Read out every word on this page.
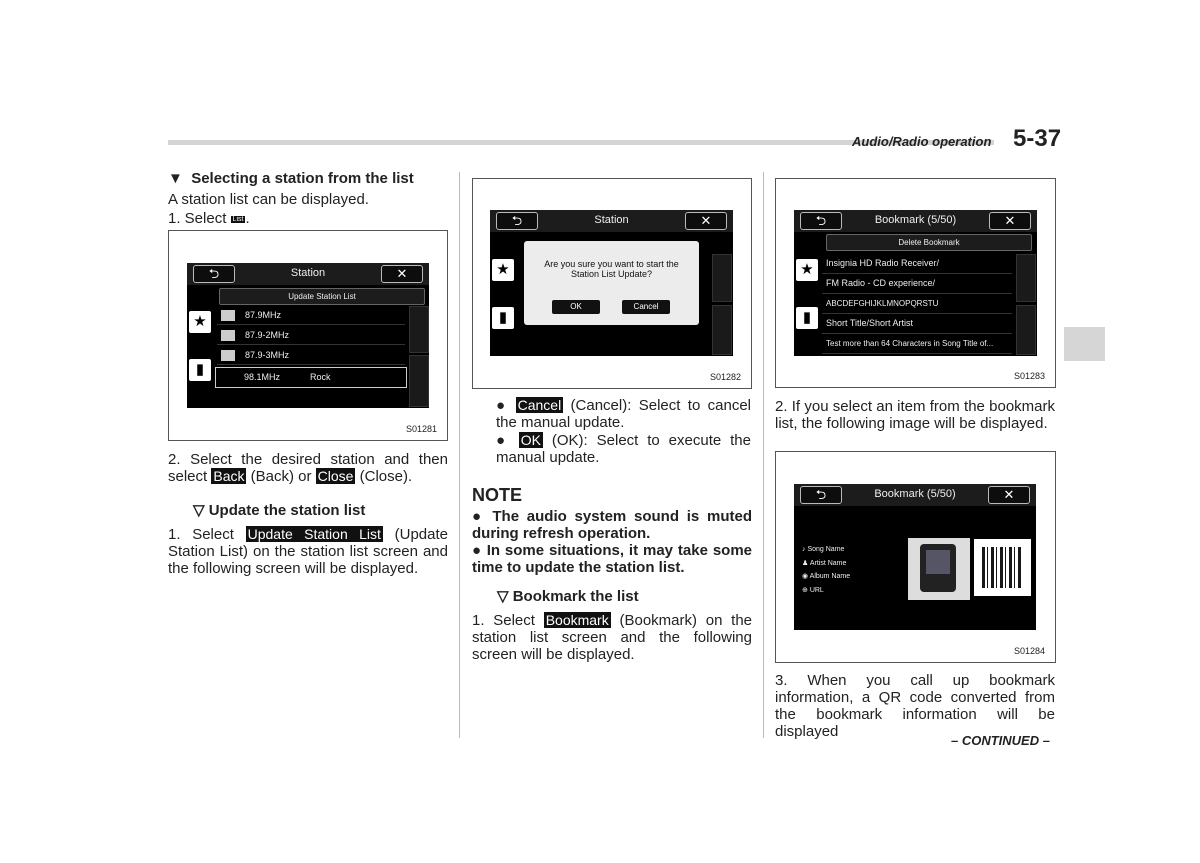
Audio/Radio operation 5-37
▼ Selecting a station from the list
A station list can be displayed.
1. Select List .
⮌	Station	✕
Update Station List
★
▮
87.9MHz
87.9-2MHz
87.9-3MHz
98.1MHz	Rock
S01281
2. Select the desired station and then select Back (Back) or Close (Close).
▽ Update the station list
1. Select Update Station List (Update Station List) on the station list screen and the following screen will be displayed.
⮌	Station	✕
★
▮
Are you sure you want to start the Station List Update?
OK	Cancel
S01282
● Cancel (Cancel): Select to cancel the manual update.
● OK (OK): Select to execute the manual update.
NOTE
● The audio system sound is muted during refresh operation.
● In some situations, it may take some time to update the station list.
▽ Bookmark the list
1. Select Bookmark (Bookmark) on the station list screen and the following screen will be displayed.
⮌	Bookmark (5/50)	✕
Delete Bookmark
★
▮
Insignia HD Radio Receiver/
FM Radio - CD experience/
ABCDEFGHIJKLMNOPQRSTU
Short Title/Short Artist
Test more than 64 Characters in Song Title of...
S01283
2. If you select an item from the bookmark list, the following image will be displayed.
⮌	Bookmark (5/50)	✕
♪ Song Name
♟ Artist Name
◉ Album Name
⊕ URL
S01284
3. When you call up bookmark information, a QR code converted from the bookmark information will be displayed
– CONTINUED –
